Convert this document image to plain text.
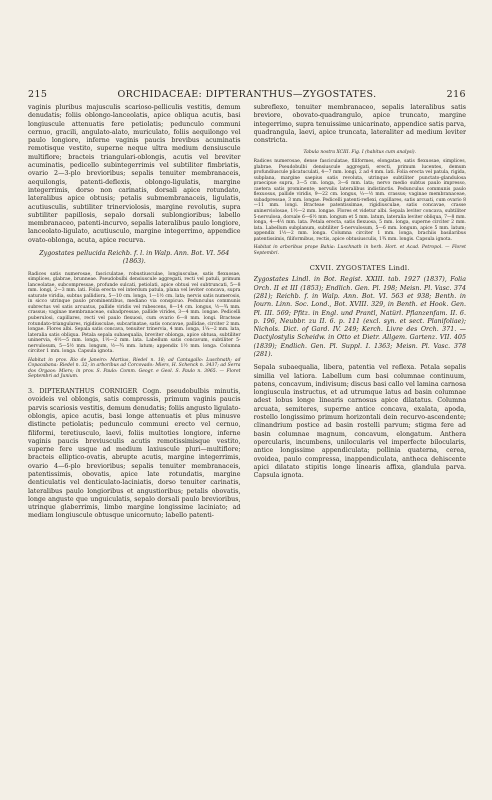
215	ORCHIDACEAE: DIPTERANTHUS—ZYGOSTATES.	216

vaginis pluribus majusculis scarioso-pelliculis vestitis, demum denudatis; foliis oblongo-lanceolatis, apice obliqua acutis, basi longiuscule attenuatis fere petiolatis; pedunculo communi cernuo, gracili, angulato-alato, muriculato, foliis aequilongo vel paulo longiore, inferne vaginis paucis brevibus acuminatis remotisque vestito, superne neque ultra medium densiuscule multiflore; bracteis triangulari-oblongis, acutis vel breviter acuminatis, pedicello subintegerrimis vel subtiliter fimbriatis, ovario 2—3-plo brevioribus; sepalis tenuiter membranaceis, aequilongis, patenti-deflexis, oblongo-ligulatis, margine integerrimis, dorso non carinatis, dorsali apice rotundato, lateralibus apice obtusis; petalis submembranaceis, ligulatis, acutiusculis, subtiliter trinerviolosis, margine revolutis, supra subtiliter papillosis, sepalo dorsali sublongioribus; labello membranaceo, patenti-incurvo, sepalis lateralibus paulo longiore, lanceolato-ligulato, acutiusculo, margine integerrimo, appendice ovato-oblonga, acuta, apice recurva.

Zygostates pellucida Reichb. f. l. in Walp. Ann. Bot. VI. 564 (1863).

Radices satis numerosae, fasciculatae, robustiusculae, longiusculae, satis flexuosae, simplices, glabrae, brunneae. Pseudobulbi densiuscule aggregati, recti vel patuli, primum lanceolatae, subcompressae, profunde sulcati, petiolati, apice obtusi vel subtruncati, 5—8 mm. longi, 2—3 mm. lati. Folia erecta vel interdum patula, plana vel leviter concava, supra saturate viridia, subtus pallidiora, 5—10 cm. longa, 1—1½ cm. lata; nervis satis numerosis, in sicco utrinque paulo prominentibus, mediano via conspicuo. Pedunculus communis subrectus vel satis arcuatus, pallide viridis vel rubescens, 8—14 cm. longus, ½—¾ mm. crassus; vaginae membranaceae, subadpressae, pallide virides, 3—4 mm. longae. Pedicelli puberulosi, capillares, recti vel paulo flexuosi, cum ovario 6—8 mm. longi. Bracteae rotundato-triangulares, rigidiusculae, subcarinatae, satis concavae, pallidae, circiter 2 mm. longae. Flores albi. Sepala satis concava, tenuiter trinervia, 4 mm. longa, 1¼—2 mm. lata, lateralia satis obliqua. Petala sepala subaequalia, breviter oblonga, apice obtusa, subtiliter uninervia, 4½—5 mm. longa, 1½—2 mm. lata. Labellum satis concavum, subtiliter 5-nervulosum, 5—5½ mm. longum, ½—¾ mm. latum; appendix 1½ mm. longa. Columna circiter 1 mm. longa. Capsula ignota.

Habitat in prov. Rio de Janeiro: Martius, Riedel n. 18; ad Cantagallo: Luschnath; ad Copacabana: Riedel n. 32; in arboribus ad Corcovado: Miers, H. Schenck n. 3437; ad Serra dos Orgaos: Miers; in prov. S. Paulo: Comm. Geogr. e Geol. S. Paulo n. 3965. — Floret Septembri ad Junium.

3. DIPTERANTHUS CORNIGER Cogn. pseudobulbis minutis, ovoideis vel oblongis, satis compressis, primum vaginis paucis parvis scariosis vestitis, demum denudatis; foliis angusto ligulato-oblongis, apice acutis, basi longe attenuatis et plus minusve distincte petiolatis; pedunculo communi erecto vel cernuo, filiformi, teretiusculo, laevi, foliis multoties longiore, inferne vaginis paucis breviusculis acutis remotissimisque vestito, superne fere usque ad medium laxiuscule pluri—multiflore; bracteis elliptico-ovatis, abrupte acutis, margine integerrimis, ovario 4—6-plo brevioribus; sepalis tenuiter membranaceis, patentissimis, obovatis, apice late rotundatis, margine denticulatis vel denticulato-laciniatis, dorso tenuiter carinatis, lateralibus paulo longioribus et angustioribus; petalis obovatis, longe anguste que unguiculatis, sepalo dorsali paulo brevioribus, utrinque glaberrimis, limbo margine longissime laciniato; ad mediam longiuscule obtusque unicornuto; labello patenti-

subreflexo, tenuiter membranaceo, sepalis lateralibus satis breviore, obovato-quadrangulo, apice truncato, margine integerrimo, supra tenuissime unicarinato, appendice satis parva, quadrangula, laevi, apice truncata, lateraliter ad medium leviter constricta.

Tabula nostra XCIII. Fig. I (habitus cum analysi).

Radices numerosae, dense fasciculatae, filiformes, elongatae, satis flexuosae, simplices, glabrae. Pseudobulbi densiuscule aggregati, erecti, primum lucentes, demum profundiuscule plicatuculati, 4—7 mm. longi, 2 ad 4 mm. lati. Folia erecta vel patula, rigida, subplana, margine saepius satis revoluta, utrinque subtiliter punctato-glandulosa praecipue supra, 3—5 cm. longa, 3—6 mm. lata; nervo medio subtus paulo impresso, caetera satis prominente; nervulis lateralibus indistinctis. Pedunculus communis paulo flexuosus, pallide viridis, 9—22 cm. longus, ⅓—½ mm. crassus; vaginae membranaceae, subadpressae, 3 mm. longae. Pedicelli patenti-reflexi, capillares, satis arcuati, cum ovario 8—11 mm. longi. Bracteae patentissimae, rigidiusculae, satis concavae, crasse uninerviolosae, 1½—2 mm. longae. Flores et videtur albi. Sepala leviter concava, subtiliter 5-nervulosa, dorsale 6—6½ mm. longum et 5 mm. latum, lateralia leviter obliqua, 7—8 mm. longa, 4—4½ mm. lata. Petala erecta, satis flexuosa, 5 mm. longa, superne circiter 2 mm. lata. Labellum subplanum, subtiliter 5-nervulosum, 5—6 mm. longum, apice 5 mm. latum; appendix 1½—2 mm. longa. Columna circiter 1 mm. longa, brachiis basilaribus patentissimis, filiformibus, rectis, apice obtusiusculis, 1¾ mm. longis. Capsula ignota.

Habitat in arboribus prope Bahia: Luschnath in herb. Hort. et Acad. Petropol. — Floret Septembri.

CXVII. ZYGOSTATES Lindl.

Zygostates Lindl. in Bot. Regist. XXIII. tab. 1927 (1837), Folia Orch. II et III (1853); Endlich. Gen. Pl. 198; Meisn. Pl. Vasc. 374 (281); Reichb. f. in Walp. Ann. Bot. VI. 563 et 938; Benth. in Journ. Linn. Soc. Lond., Bot. XVIII. 329, in Benth. et Hook. Gen. Pl. III. 569; Pfitz. in Engl. und Prantl, Natürl. Pflanzenfam. II. 6. p. 196, Neubbr. zu II. 6. p. 111 (excl. syn. et sect. Planifoliae); Nichols. Dict. of Gard. IV. 249; Kerch. Livre des Orch. 371. — Dactylostylis Scheidw. in Otto et Dietr. Allgem. Gartenz. VII. 405 (1839); Endlich. Gen. Pl. Suppl. I. 1363; Meisn. Pl. Vasc. 378 (281).

Sepala subaequalia, libera, patentia vel reflexa. Petala sepalis similia vel latiora. Labellum cum basi columnae continuum, patens, concavum, indivisum; discus basi callo vel lamina carnosa longiuscula instructus, et ad utrumque latus ad basin columnae adest lobus longe linearis carnosus apice dilatatus. Columna arcuata, semiteres, superne antice concava, exalata, apoda, rostello longissimo primum horizontali dein recurvo-ascendente; clinandrium postice ad basin rostelli parvum; stigma fere ad basin columnae magnum, concavum, elongatum. Anthera opercularis, incumbens, unilocularis vel imperfecte bilocularis, antice longissime appendiculata; pollinia quaterna, cerea, ovoidea, paulo compressa, inappendiculata, antheca dehiscente apici dilatato stipitis longe linearis affixa, glandula parva. Capsula ignota.
